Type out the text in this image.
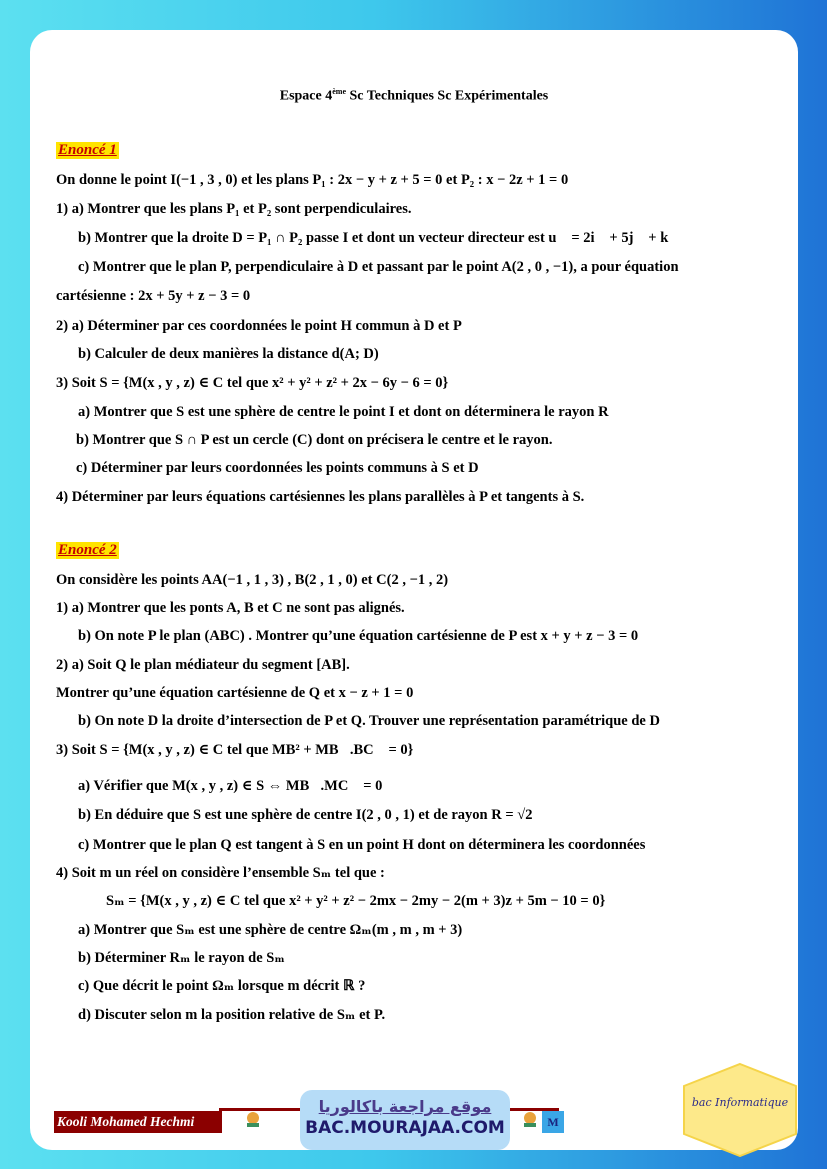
Espace 4ème Sc Techniques Sc Expérimentales
Enoncé 1
On donne le point I(−1 , 3 , 0) et les plans P₁ : 2x − y + z + 5 = 0 et P₂ : x − 2z + 1 = 0
1) a) Montrer que les plans P₁ et P₂ sont perpendiculaires.
b) Montrer que la droite D = P₁ ∩ P₂ passe I et dont un vecteur directeur est u⃗ = 2i⃗ + 5j⃗ + k⃗
c) Montrer que le plan P, perpendiculaire à D et passant par le point A(2 , 0 , −1), a pour équation
cartésienne : 2x + 5y + z − 3 = 0
2) a) Déterminer par ces coordonnées le point H commun à D et P
b) Calculer de deux manières la distance d(A; D)
3) Soit S = {M(x , y , z) ∈ C tel que x² + y² + z² + 2x − 6y − 6 = 0}
a) Montrer que S est une sphère de centre le point I et dont on déterminera le rayon R
b) Montrer que S ∩ P est un cercle (C) dont on précisera le centre et le rayon.
c) Déterminer par leurs coordonnées les points communs à S et D
4) Déterminer par leurs équations cartésiennes les plans parallèles à P et tangents à S.
Enoncé 2
On considère les points AA(−1 , 1 , 3) , B(2 , 1 , 0) et C(2 , −1 , 2)
1) a) Montrer que les ponts A, B et C ne sont pas alignés.
b) On note P le plan (ABC) . Montrer qu’une équation cartésienne de P est x + y + z − 3 = 0
2) a) Soit Q le plan médiateur du segment [AB].
Montrer qu’une équation cartésienne de Q et x − z + 1 = 0
b) On note D la droite d’intersection de P et Q. Trouver une représentation paramétrique de D
3) Soit S = {M(x , y , z) ∈ C tel que MB² + MB⃗.BC⃗ = 0}
a) Vérifier que M(x , y , z) ∈ S ⇔ MB⃗.MC⃗ = 0
b) En déduire que S est une sphère de centre I(2 , 0 , 1) et de rayon R = √2
c) Montrer que le plan Q est tangent à S en un point H dont on déterminera les coordonnées
4) Soit m un réel on considère l’ensemble Sₘ tel que :
Sₘ = {M(x , y , z) ∈ C tel que x² + y² + z² − 2mx − 2my − 2(m + 3)z + 5m − 10 = 0}
a) Montrer que Sₘ est une sphère de centre Ωₘ(m , m , m + 3)
b) Déterminer Rₘ le rayon de Sₘ
c) Que décrit le point Ωₘ lorsque m décrit ℝ ?
d) Discuter selon m la position relative de Sₘ et P.
Kooli Mohamed Hechmi	M
موقع مراجعة باكالوريا
BAC.MOURAJAA.COM
bac Informatique
